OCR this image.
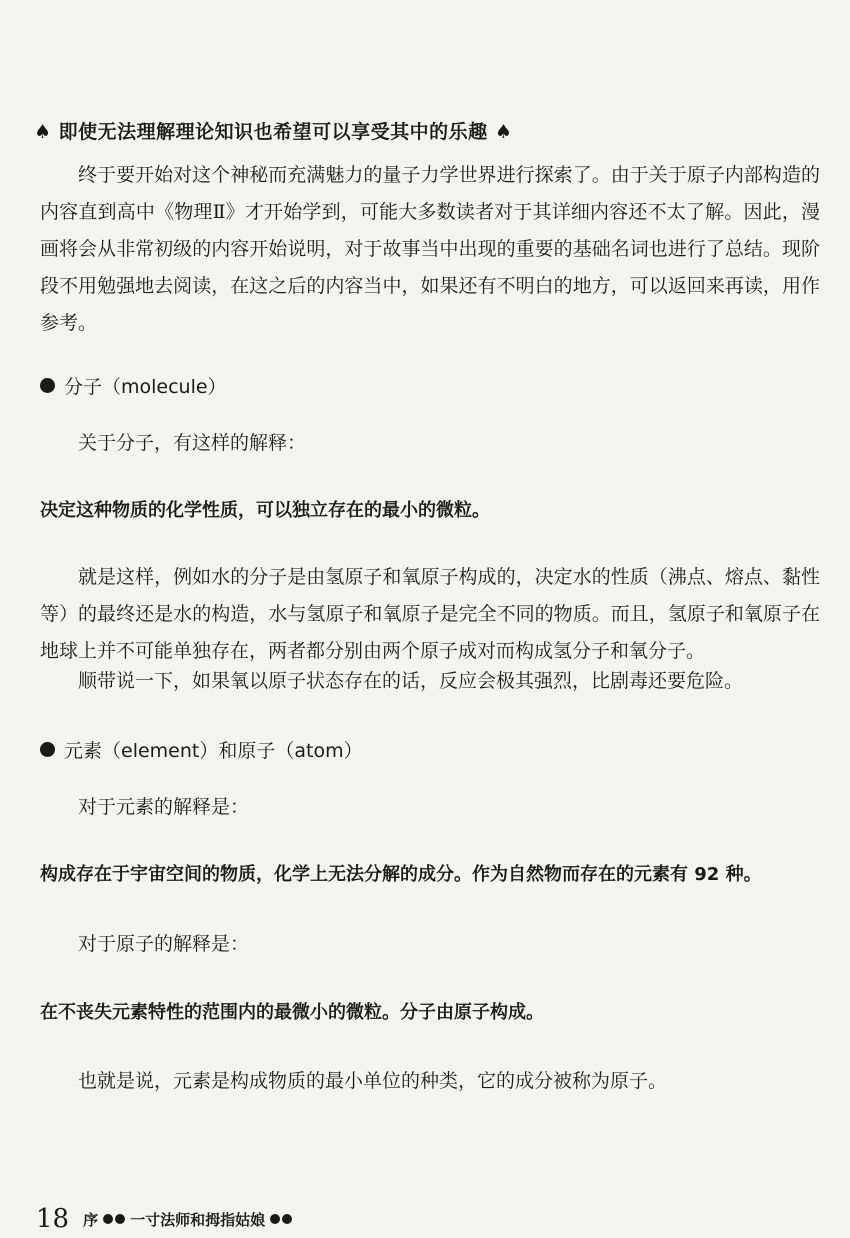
♠ 即使无法理解理论知识也希望可以享受其中的乐趣 ♠

终于要开始对这个神秘而充满魅力的量子力学世界进行探索了。由于关于原子内部构造的内容直到高中《物理Ⅱ》才开始学到，可能大多数读者对于其详细内容还不太了解。因此，漫画将会从非常初级的内容开始说明，对于故事当中出现的重要的基础名词也进行了总结。现阶段不用勉强地去阅读，在这之后的内容当中，如果还有不明白的地方，可以返回来再读，用作参考。

分子（molecule）
关于分子，有这样的解释：
决定这种物质的化学性质，可以独立存在的最小的微粒。

就是这样，例如水的分子是由氢原子和氧原子构成的，决定水的性质（沸点、熔点、黏性等）的最终还是水的构造，水与氢原子和氧原子是完全不同的物质。而且，氢原子和氧原子在地球上并不可能单独存在，两者都分别由两个原子成对而构成氢分子和氧分子。

顺带说一下，如果氧以原子状态存在的话，反应会极其强烈，比剧毒还要危险。
元素（element）和原子（atom）
对于元素的解释是：
构成存在于宇宙空间的物质，化学上无法分解的成分。作为自然物而存在的元素有 92 种。
对于原子的解释是：
在不丧失元素特性的范围内的最微小的微粒。分子由原子构成。
也就是说，元素是构成物质的最小单位的种类，它的成分被称为原子。
18 序 一寸法师和拇指姑娘
